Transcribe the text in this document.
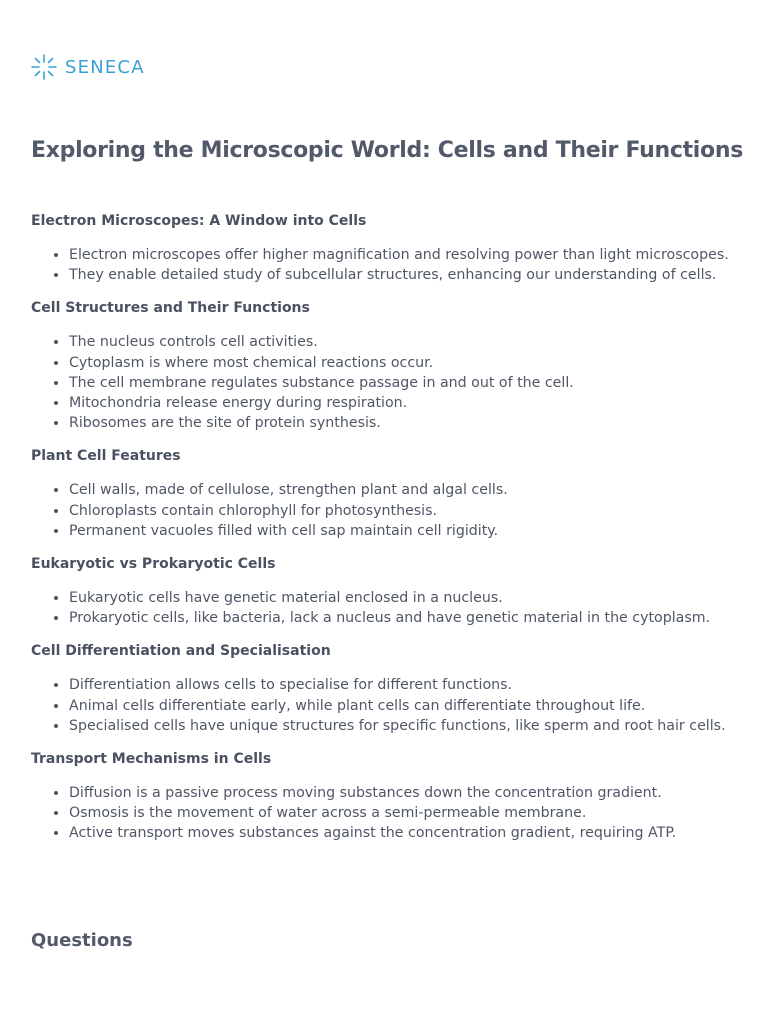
SENECA
Exploring the Microscopic World: Cells and Their Functions
Electron Microscopes: A Window into Cells
• Electron microscopes offer higher magnification and resolving power than light microscopes.
• They enable detailed study of subcellular structures, enhancing our understanding of cells.
Cell Structures and Their Functions
• The nucleus controls cell activities.
• Cytoplasm is where most chemical reactions occur.
• The cell membrane regulates substance passage in and out of the cell.
• Mitochondria release energy during respiration.
• Ribosomes are the site of protein synthesis.
Plant Cell Features
• Cell walls, made of cellulose, strengthen plant and algal cells.
• Chloroplasts contain chlorophyll for photosynthesis.
• Permanent vacuoles filled with cell sap maintain cell rigidity.
Eukaryotic vs Prokaryotic Cells
• Eukaryotic cells have genetic material enclosed in a nucleus.
• Prokaryotic cells, like bacteria, lack a nucleus and have genetic material in the cytoplasm.
Cell Differentiation and Specialisation
• Differentiation allows cells to specialise for different functions.
• Animal cells differentiate early, while plant cells can differentiate throughout life.
• Specialised cells have unique structures for specific functions, like sperm and root hair cells.
Transport Mechanisms in Cells
• Diffusion is a passive process moving substances down the concentration gradient.
• Osmosis is the movement of water across a semi-permeable membrane.
• Active transport moves substances against the concentration gradient, requiring ATP.
Questions
